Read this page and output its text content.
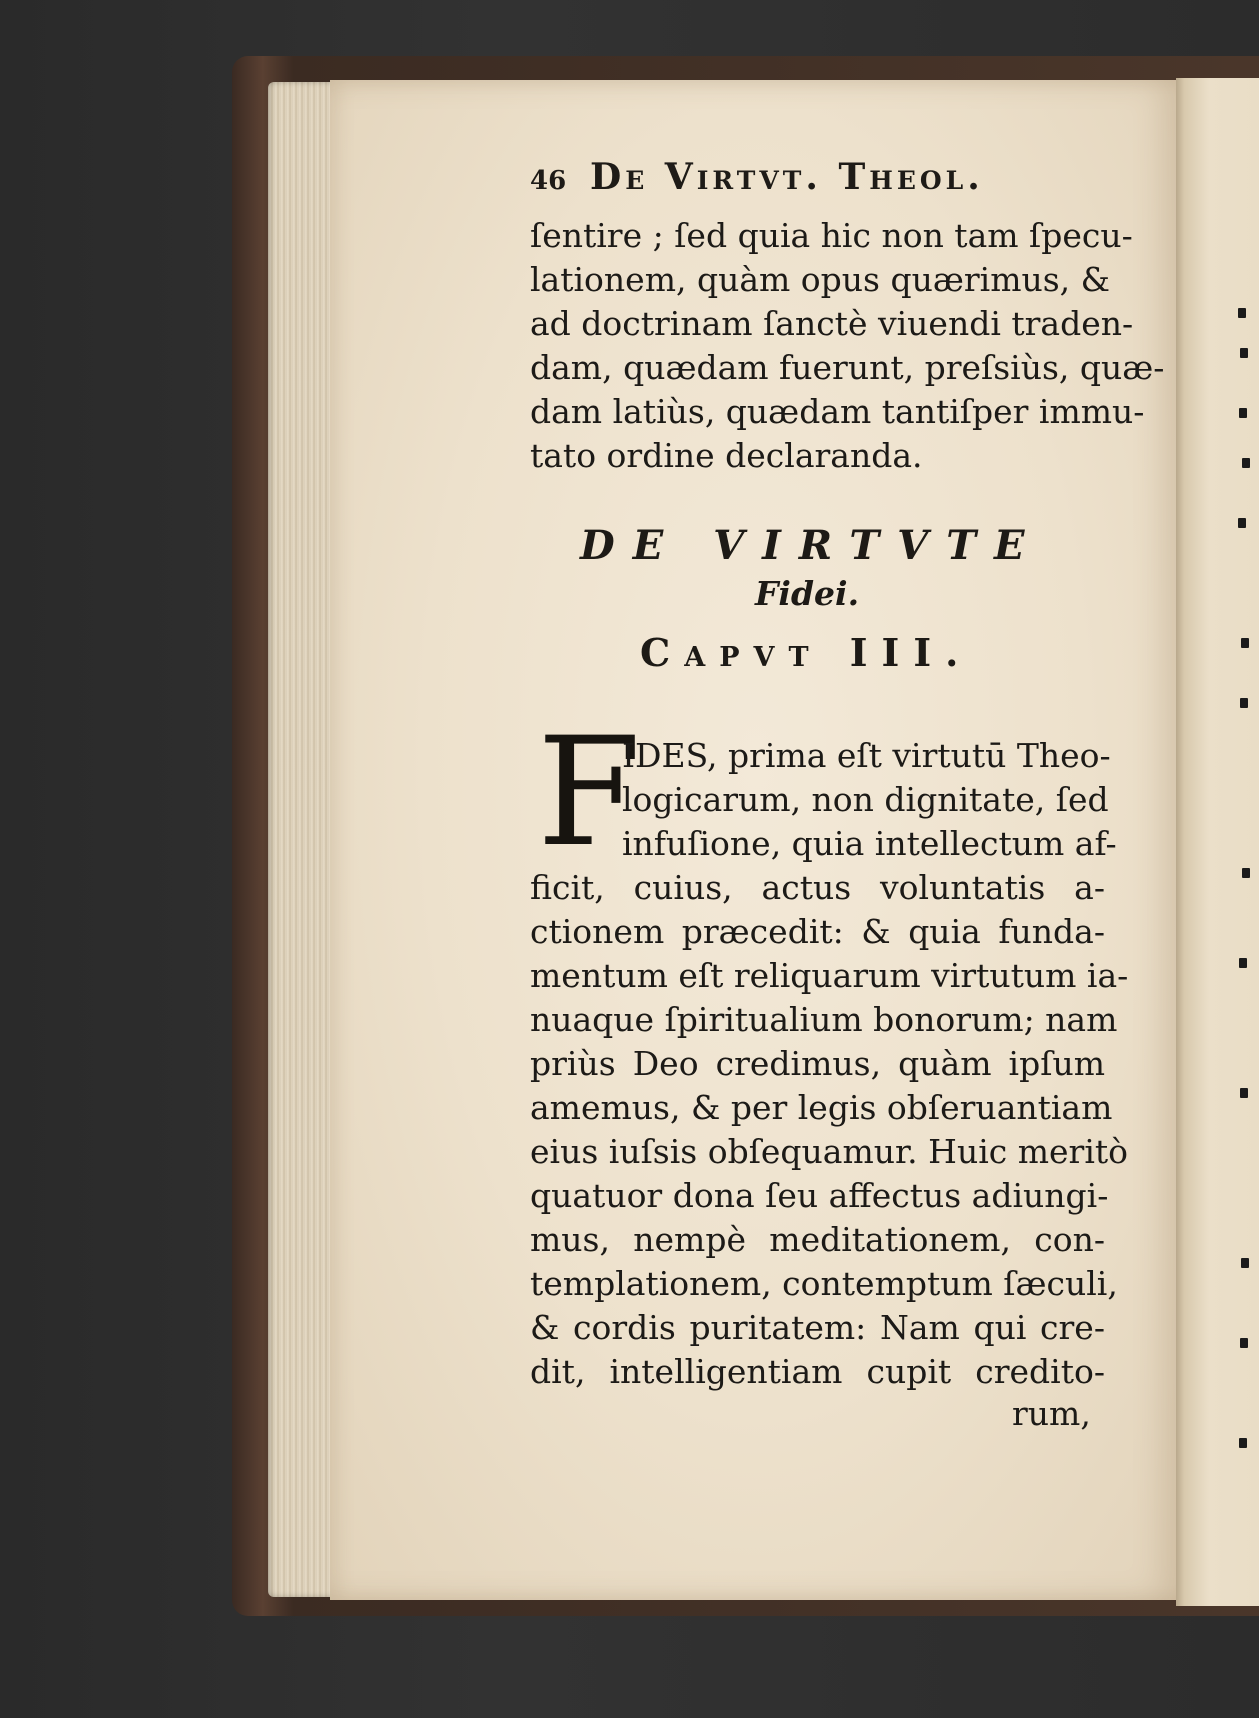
46 De Virtvt. Theol.
ſentire ; ſed quia hic non tam ſpecu-
lationem, quàm opus quærimus, &
ad doctrinam ſanctè viuendi traden-
dam, quædam fuerunt, preſsiùs, quæ-
dam latiùs, quædam tantiſper immu-
tato ordine declaranda.
DE VIRTVTE
Fidei.
Capvt III.
F
IDES, prima eſt virtutū Theo-
logicarum, non dignitate, ſed
infuſione, quia intellectum af-
ficit, cuius, actus voluntatis a-
ctionem præcedit: & quia funda-
mentum eſt reliquarum virtutum ia-
nuaque ſpiritualium bonorum; nam
priùs Deo credimus, quàm ipſum
amemus, & per legis obſeruantiam
eius iuſsis obſequamur. Huic meritò
quatuor dona ſeu affectus adiungi-
mus, nempè meditationem, con-
templationem, contemptum ſæculi,
& cordis puritatem: Nam qui cre-
dit, intelligentiam cupit credito-
rum,
